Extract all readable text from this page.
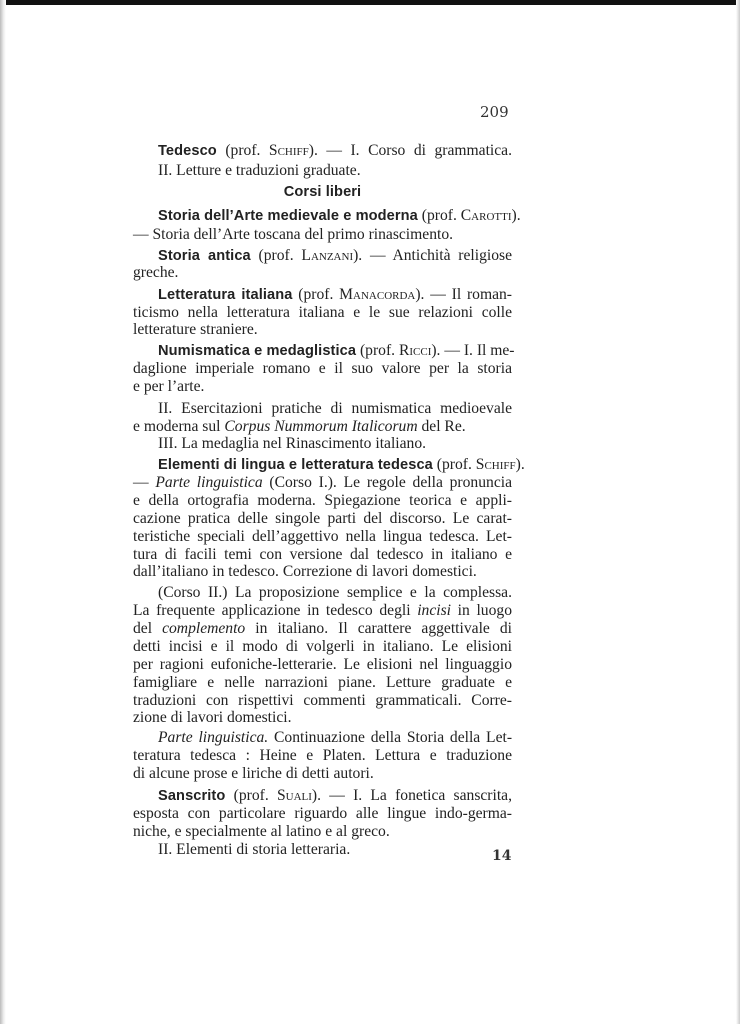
209
Tedesco (prof. Schiff). — I. Corso di grammatica.
II. Letture e traduzioni graduate.
Corsi liberi
Storia dell’Arte medievale e moderna (prof. Carotti).
— Storia dell’Arte toscana del primo rinascimento.
Storia antica (prof. Lanzani). — Antichità religiose
greche.
Letteratura italiana (prof. Manacorda). — Il roman-
ticismo nella letteratura italiana e le sue relazioni colle
letterature straniere.
Numismatica e medaglistica (prof. Ricci). — I. Il me-
daglione imperiale romano e il suo valore per la storia
e per l’arte.
II. Esercitazioni pratiche di numismatica medioevale
e moderna sul Corpus Nummorum Italicorum del Re.
III. La medaglia nel Rinascimento italiano.
Elementi di lingua e letteratura tedesca (prof. Schiff).
— Parte linguistica (Corso I.). Le regole della pronuncia
e della ortografia moderna. Spiegazione teorica e appli-
cazione pratica delle singole parti del discorso. Le carat-
teristiche speciali dell’aggettivo nella lingua tedesca. Let-
tura di facili temi con versione dal tedesco in italiano e
dall’italiano in tedesco. Correzione di lavori domestici.
(Corso II.) La proposizione semplice e la complessa.
La frequente applicazione in tedesco degli incisi in luogo
del complemento in italiano. Il carattere aggettivale di
detti incisi e il modo di volgerli in italiano. Le elisioni
per ragioni eufoniche-letterarie. Le elisioni nel linguaggio
famigliare e nelle narrazioni piane. Letture graduate e
traduzioni con rispettivi commenti grammaticali. Corre-
zione di lavori domestici.
Parte linguistica. Continuazione della Storia della Let-
teratura tedesca : Heine e Platen. Lettura e traduzione
di alcune prose e liriche di detti autori.
Sanscrito (prof. Suali). — I. La fonetica sanscrita,
esposta con particolare riguardo alle lingue indo-germa-
niche, e specialmente al latino e al greco.
II. Elementi di storia letteraria.	14
